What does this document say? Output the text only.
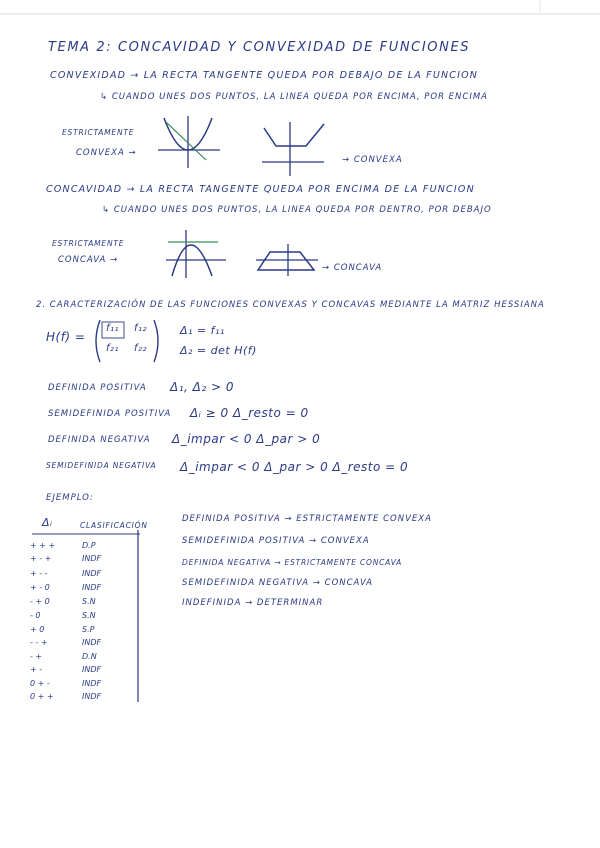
TEMA 2: CONCAVIDAD Y CONVEXIDAD DE FUNCIONES
CONVEXIDAD → LA RECTA TANGENTE QUEDA POR DEBAJO DE LA FUNCION
↳ CUANDO UNES DOS PUNTOS, LA LINEA QUEDA POR ENCIMA, POR ENCIMA
ESTRICTAMENTE
CONVEXA →
→ CONVEXA
CONCAVIDAD → LA RECTA TANGENTE QUEDA POR ENCIMA DE LA FUNCION
↳ CUANDO UNES DOS PUNTOS, LA LINEA QUEDA POR DENTRO, POR DEBAJO
ESTRICTAMENTE
CONCAVA →
→ CONCAVA
2. CARACTERIZACIÓN DE LAS FUNCIONES CONVEXAS Y CONCAVAS MEDIANTE LA MATRIZ HESSIANA
H(f) =
f₁₁ f₁₂
f₂₁ f₂₂
Δ₁ = f₁₁
Δ₂ = det H(f)
DEFINIDA POSITIVA Δ₁, Δ₂ > 0
SEMIDEFINIDA POSITIVA Δᵢ ≥ 0 Δ_resto = 0
DEFINIDA NEGATIVA Δ_impar < 0 Δ_par > 0
SEMIDEFINIDA NEGATIVA Δ_impar < 0 Δ_par > 0 Δ_resto = 0
EJEMPLO:
Δᵢ	CLASIFICACIÓN
+ + +	D.P
+ - +	INDF
+ - -	INDF
+ - 0	INDF
- + 0	S.N
- 0	S.N
+ 0	S.P
- - +	INDF
- +	D.N
+ -	INDF
0 + -	INDF
0 + +	INDF
DEFINIDA POSITIVA → ESTRICTAMENTE CONVEXA
SEMIDEFINIDA POSITIVA → CONVEXA
DEFINIDA NEGATIVA → ESTRICTAMENTE CONCAVA
SEMIDEFINIDA NEGATIVA → CONCAVA
INDEFINIDA → DETERMINAR
